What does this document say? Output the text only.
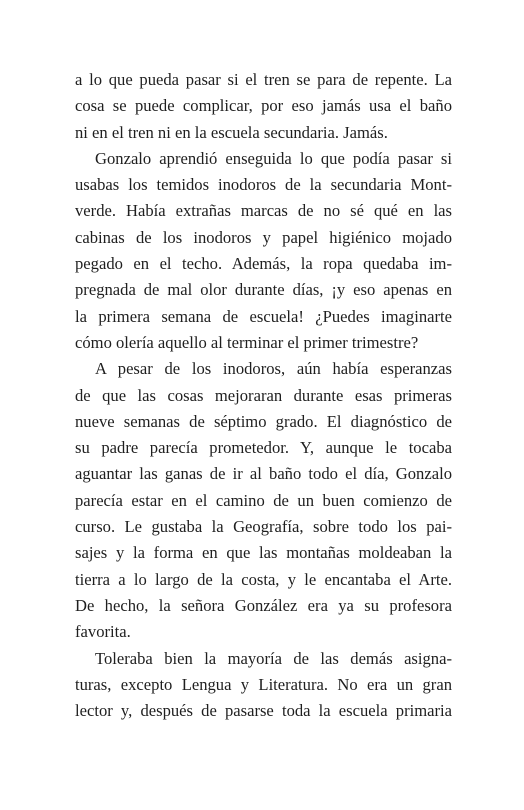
a lo que pueda pasar si el tren se para de repente. La
cosa se puede complicar, por eso jamás usa el baño
ni en el tren ni en la escuela secundaria. Jamás.
Gonzalo aprendió enseguida lo que podía pasar si
usabas los temidos inodoros de la secundaria Mont-
verde. Había extrañas marcas de no sé qué en las
cabinas de los inodoros y papel higiénico mojado
pegado en el techo. Además, la ropa quedaba im-
pregnada de mal olor durante días, ¡y eso apenas en
la primera semana de escuela! ¿Puedes imaginarte
cómo olería aquello al terminar el primer trimestre?
A pesar de los inodoros, aún había esperanzas
de que las cosas mejoraran durante esas primeras
nueve semanas de séptimo grado. El diagnóstico de
su padre parecía prometedor. Y, aunque le tocaba
aguantar las ganas de ir al baño todo el día, Gonzalo
parecía estar en el camino de un buen comienzo de
curso. Le gustaba la Geografía, sobre todo los pai-
sajes y la forma en que las montañas moldeaban la
tierra a lo largo de la costa, y le encantaba el Arte.
De hecho, la señora González era ya su profesora
favorita.
Toleraba bien la mayoría de las demás asigna-
turas, excepto Lengua y Literatura. No era un gran
lector y, después de pasarse toda la escuela primaria
